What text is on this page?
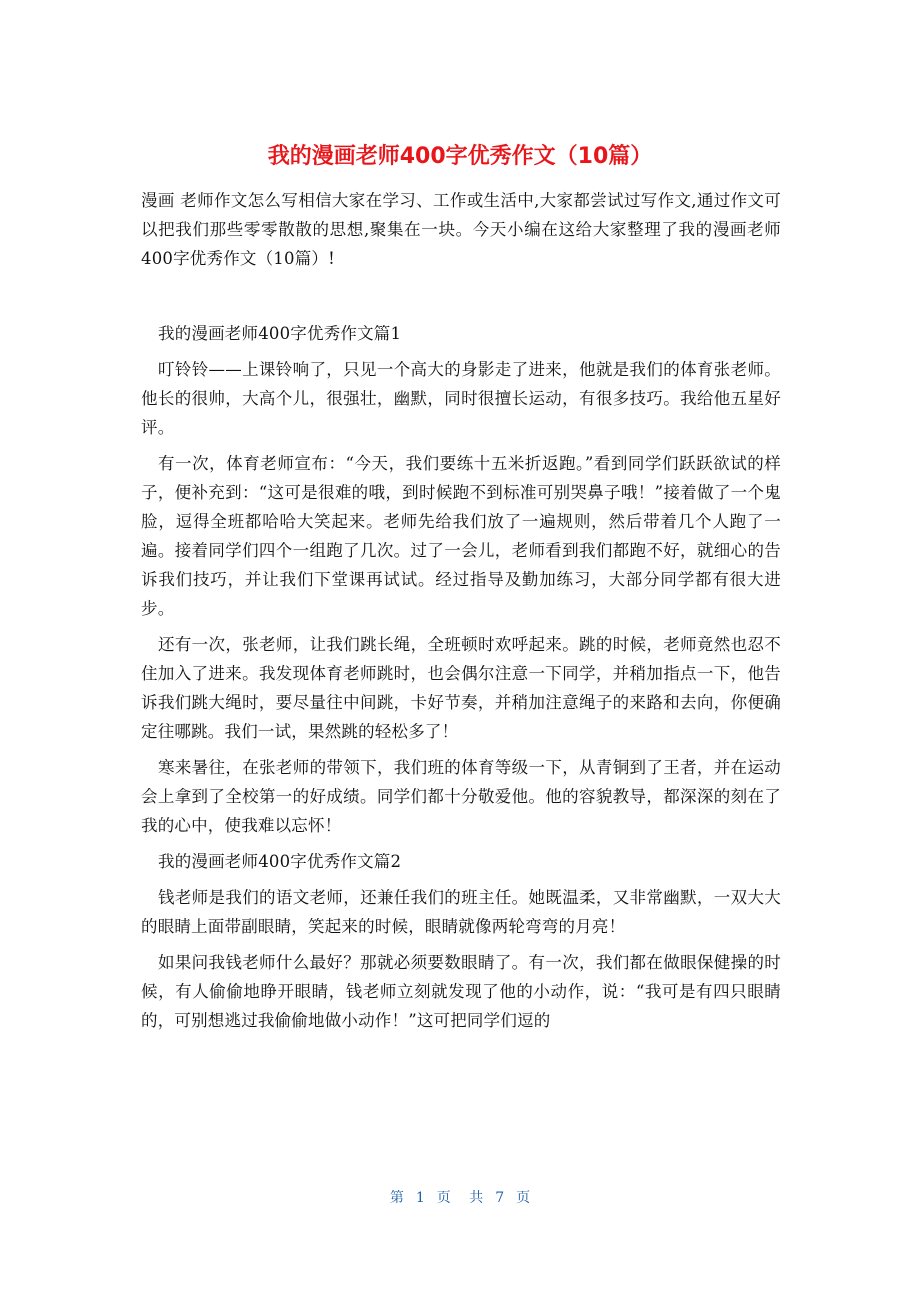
我的漫画老师400字优秀作文（10篇）

漫画 老师作文怎么写相信大家在学习、工作或生活中,大家都尝试过写作文,通过作文可以把我们那些零零散散的思想,聚集在一块。今天小编在这给大家整理了我的漫画老师400字优秀作文（10篇）!

我的漫画老师400字优秀作文篇1

叮铃铃——上课铃响了，只见一个高大的身影走了进来，他就是我们的体育张老师。他长的很帅，大高个儿，很强壮，幽默，同时很擅长运动，有很多技巧。我给他五星好评。

有一次，体育老师宣布：“今天，我们要练十五米折返跑。”看到同学们跃跃欲试的样子，便补充到：“这可是很难的哦，到时候跑不到标准可别哭鼻子哦！”接着做了一个鬼脸，逗得全班都哈哈大笑起来。老师先给我们放了一遍规则，然后带着几个人跑了一遍。接着同学们四个一组跑了几次。过了一会儿，老师看到我们都跑不好，就细心的告诉我们技巧，并让我们下堂课再试试。经过指导及勤加练习，大部分同学都有很大进步。

还有一次，张老师，让我们跳长绳，全班顿时欢呼起来。跳的时候，老师竟然也忍不住加入了进来。我发现体育老师跳时，也会偶尔注意一下同学，并稍加指点一下，他告诉我们跳大绳时，要尽量往中间跳，卡好节奏，并稍加注意绳子的来路和去向，你便确定往哪跳。我们一试，果然跳的轻松多了！

寒来暑往，在张老师的带领下，我们班的体育等级一下，从青铜到了王者，并在运动会上拿到了全校第一的好成绩。同学们都十分敬爱他。他的容貌教导，都深深的刻在了我的心中，使我难以忘怀！

我的漫画老师400字优秀作文篇2

钱老师是我们的语文老师，还兼任我们的班主任。她既温柔，又非常幽默，一双大大的眼睛上面带副眼睛，笑起来的时候，眼睛就像两轮弯弯的月亮！

如果问我钱老师什么最好？那就必须要数眼睛了。有一次，我们都在做眼保健操的时候，有人偷偷地睁开眼睛，钱老师立刻就发现了他的小动作，说：“我可是有四只眼睛的，可别想逃过我偷偷地做小动作！”这可把同学们逗的

第 1 页 共 7 页
